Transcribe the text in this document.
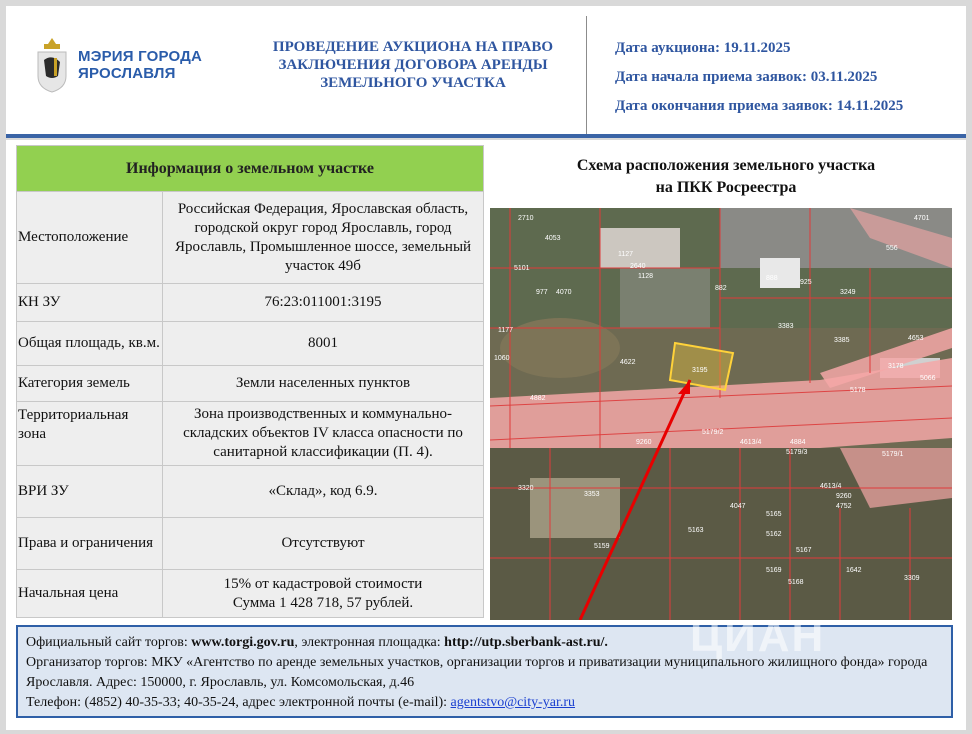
МЭРИЯ ГОРОДА
ЯРОСЛАВЛЯ
ПРОВЕДЕНИЕ АУКЦИОНА НА ПРАВО ЗАКЛЮЧЕНИЯ ДОГОВОРА АРЕНДЫ ЗЕМЕЛЬНОГО УЧАСТКА
Дата аукциона: 19.11.2025
Дата начала приема заявок: 03.11.2025
Дата окончания приема заявок: 14.11.2025
Информация о земельном участке	
Местоположение	Российская Федерация, Ярославская область, городской округ город Ярославль, город Ярославль, Промышленное шоссе, земельный участок 49б
КН ЗУ	76:23:011001:3195
Общая площадь, кв.м.	8001
Категория земель	Земли населенных пунктов
Территориальная зона	Зона производственных и коммунально-складских объектов IV класса опасности по санитарной классификации (П. 4).
ВРИ ЗУ	«Склад», код 6.9.
Права и ограничения	Отсутствуют
Начальная цена	15% от кадастровой стоимости
Сумма 1 428 718, 57 рублей.
Схема расположения земельного участка
на ПКК Росреестра
3195
2710
4053
1127
2640
1128
5101
977 4070
882
888
925
3249
4701
556
1177
3383
3385	4653
1060
4622
3178
5066
4882
5178
5179/2
9260	4613/4	4884
5179/3	5179/1
4613/4
9260
4752
3320
3353
4047
5165
5163
5162
5167
5159
5169
5168
1642
3309
Официальный сайт торгов: www.torgi.gov.ru, электронная площадка: http://utp.sberbank-ast.ru/.
Организатор торгов: МКУ «Агентство по аренде земельных участков, организации торгов и приватизации муниципального жилищного фонда» города Ярославля. Адрес: 150000, г. Ярославль, ул. Комсомольская, д.46
Телефон: (4852) 40-35-33; 40-35-24, адрес электронной почты (e-mail): agentstvo@city-yar.ru
ЦИАН
